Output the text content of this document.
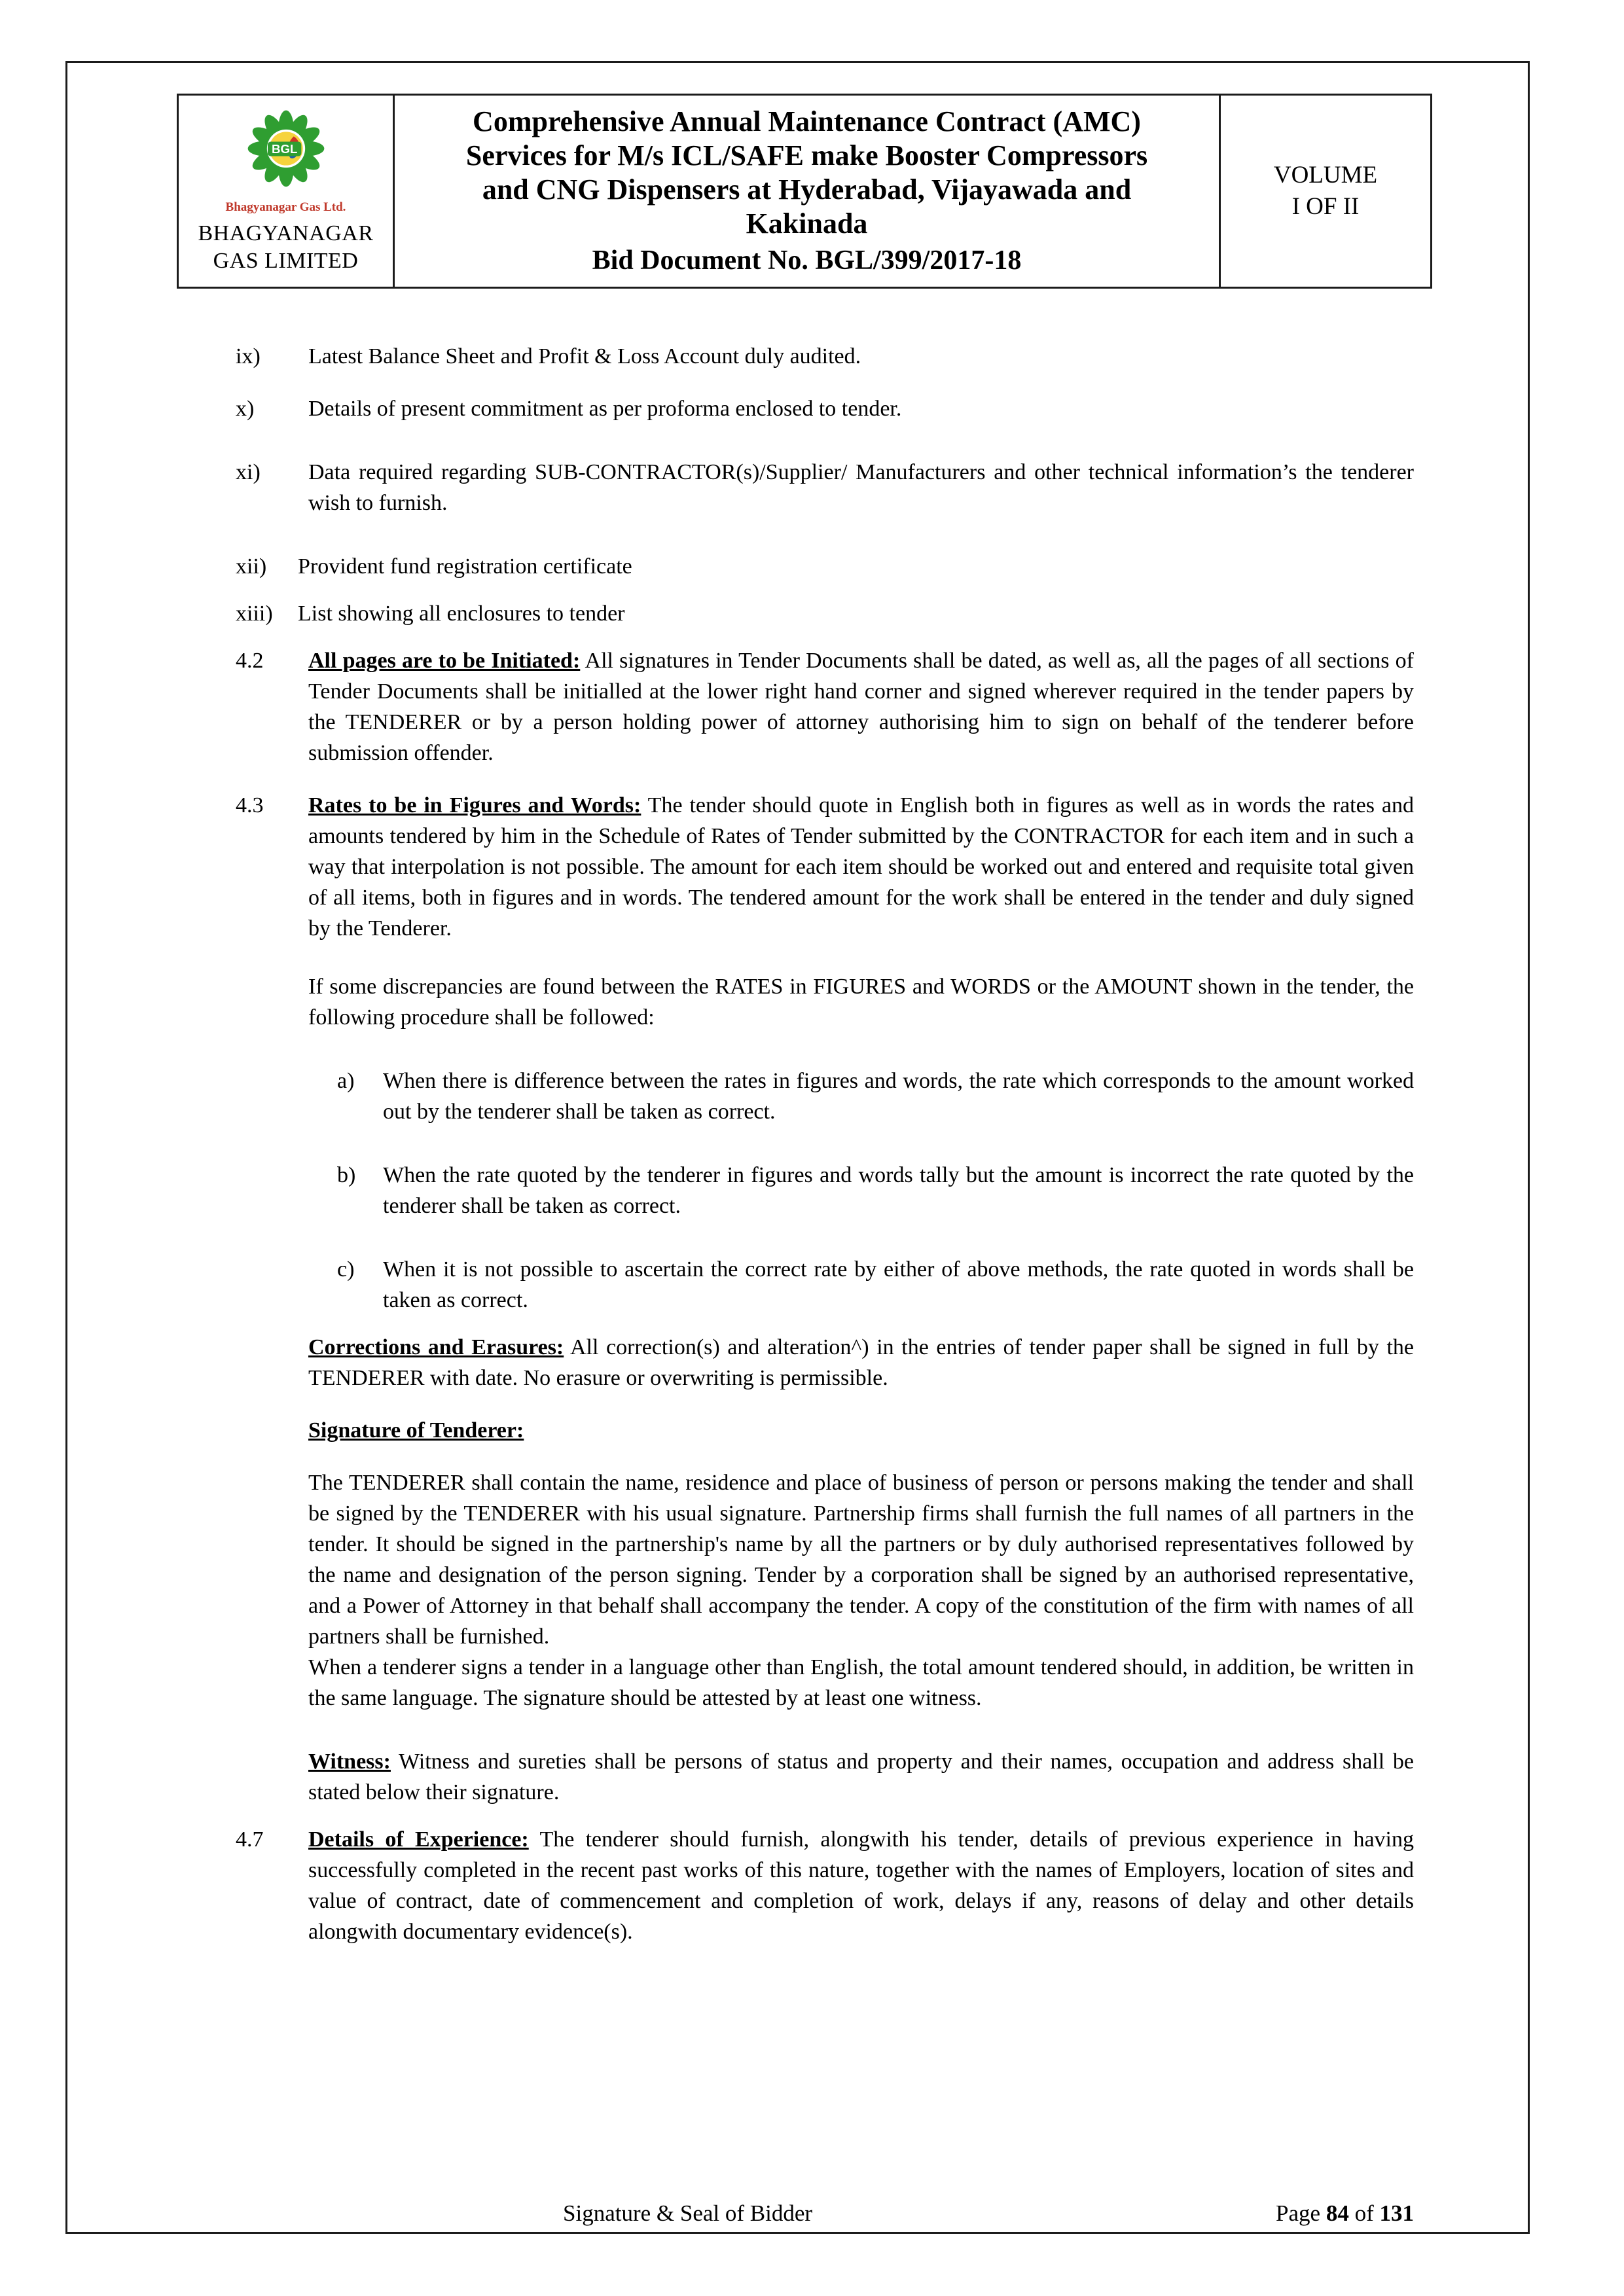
BGL
Bhagyanagar Gas Ltd.
BHAGYANAGAR
GAS LIMITED
Comprehensive Annual Maintenance Contract (AMC)
Services for M/s ICL/SAFE make Booster Compressors
and CNG Dispensers at Hyderabad, Vijayawada and
Kakinada
Bid Document No. BGL/399/2017-18
VOLUME
I OF II
ix)	Latest Balance Sheet and Profit & Loss Account duly audited.
x)	Details of present commitment as per proforma enclosed to tender.
xi)	Data required regarding SUB-CONTRACTOR(s)/Supplier/ Manufacturers and other technical information’s the tenderer wish to furnish.
xii)	Provident fund registration certificate
xiii)	List showing all enclosures to tender
4.2	All pages are to be Initiated: All signatures in Tender Documents shall be dated, as well as, all the pages of all sections of Tender Documents shall be initialled at the lower right hand corner and signed wherever required in the tender papers by the TENDERER or by a person holding power of attorney authorising him to sign on behalf of the tenderer before submission offender.
4.3	Rates to be in Figures and Words: The tender should quote in English both in figures as well as in words the rates and amounts tendered by him in the Schedule of Rates of Tender submitted by the CONTRACTOR for each item and in such a way that interpolation is not possible. The amount for each item should be worked out and entered and requisite total given of all items, both in figures and in words. The tendered amount for the work shall be entered in the tender and duly signed by the Tenderer.
If some discrepancies are found between the RATES in FIGURES and WORDS or the AMOUNT shown in the tender, the following procedure shall be followed:
a)	When there is difference between the rates in figures and words, the rate which corresponds to the amount worked out by the tenderer shall be taken as correct.
b)	When the rate quoted by the tenderer in figures and words tally but the amount is incorrect the rate quoted by the tenderer shall be taken as correct.
c)	When it is not possible to ascertain the correct rate by either of above methods, the rate quoted in words shall be taken as correct.
Corrections and Erasures: All correction(s) and alteration^) in the entries of tender paper shall be signed in full by the TENDERER with date. No erasure or overwriting is permissible.
Signature of Tenderer:
The TENDERER shall contain the name, residence and place of business of person or persons making the tender and shall be signed by the TENDERER with his usual signature. Partnership firms shall furnish the full names of all partners in the tender. It should be signed in the partnership's name by all the partners or by duly authorised representatives followed by the name and designation of the person signing. Tender by a corporation shall be signed by an authorised representative, and a Power of Attorney in that behalf shall accompany the tender. A copy of the constitution of the firm with names of all partners shall be furnished.
When a tenderer signs a tender in a language other than English, the total amount tendered should, in addition, be written in the same language. The signature should be attested by at least one witness.
Witness: Witness and sureties shall be persons of status and property and their names, occupation and address shall be stated below their signature.
4.7	Details of Experience: The tenderer should furnish, alongwith his tender, details of previous experience in having successfully completed in the recent past works of this nature, together with the names of Employers, location of sites and value of contract, date of commencement and completion of work, delays if any, reasons of delay and other details alongwith documentary evidence(s).
Signature & Seal of Bidder	Page 84 of 131
